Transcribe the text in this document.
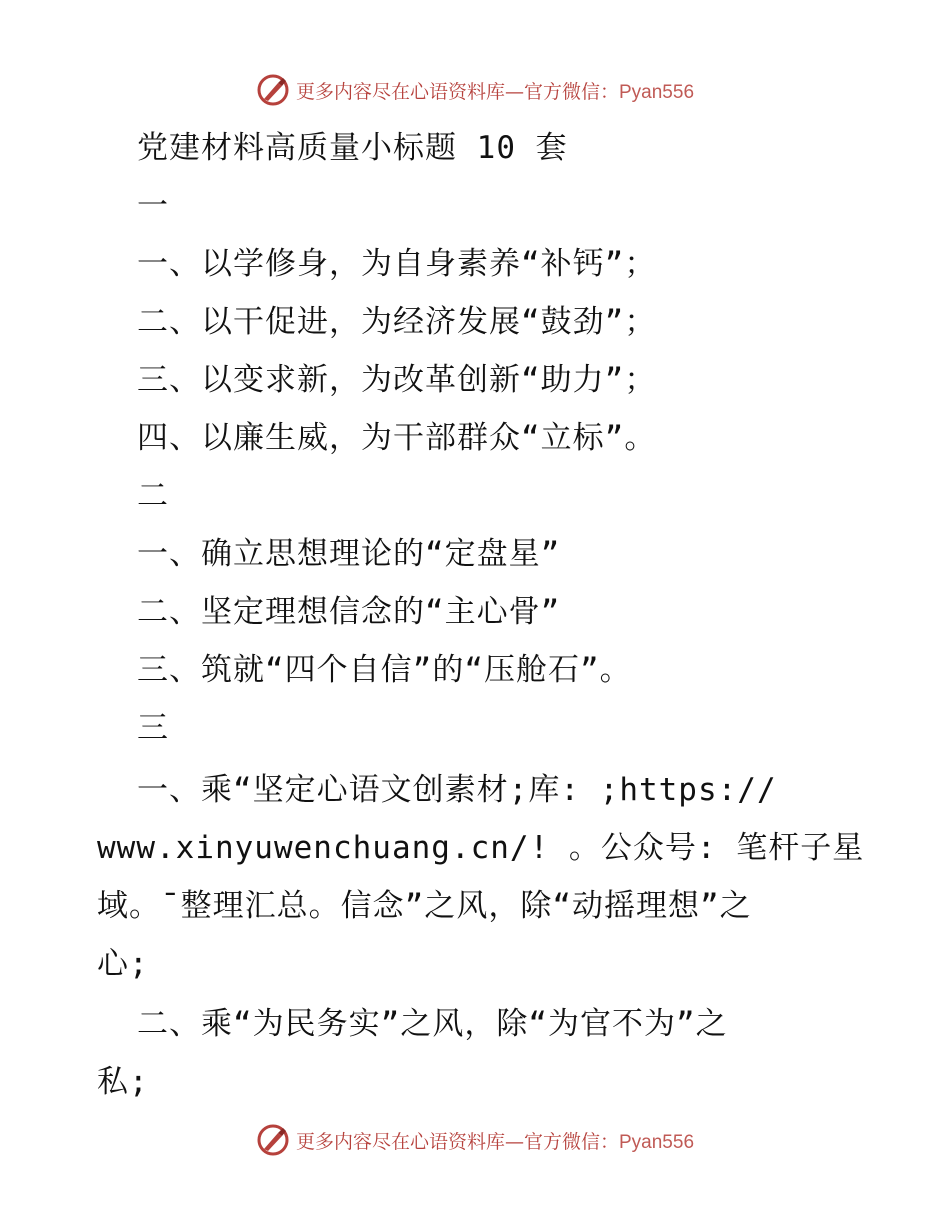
更多内容尽在心语资料库—官方微信：Pyan556
党建材料高质量小标题 10 套
一
一、以学修身，为自身素养“补钙”；
二、以干促进，为经济发展“鼓劲”；
三、以变求新，为改革创新“助力”；
四、以廉生威，为干部群众“立标”。
二
一、确立思想理论的“定盘星”
二、坚定理想信念的“主心骨”
三、筑就“四个自信”的“压舱石”。
三
一、乘“坚定心语文创素材;库: ;https://
www.xinyuwenchuang.cn/! 。公众号: 笔杆子星
域。¯整理汇总。信念”之风，除“动摇理想”之
心;
二、乘“为民务实”之风，除“为官不为”之
私;
更多内容尽在心语资料库—官方微信：Pyan556
